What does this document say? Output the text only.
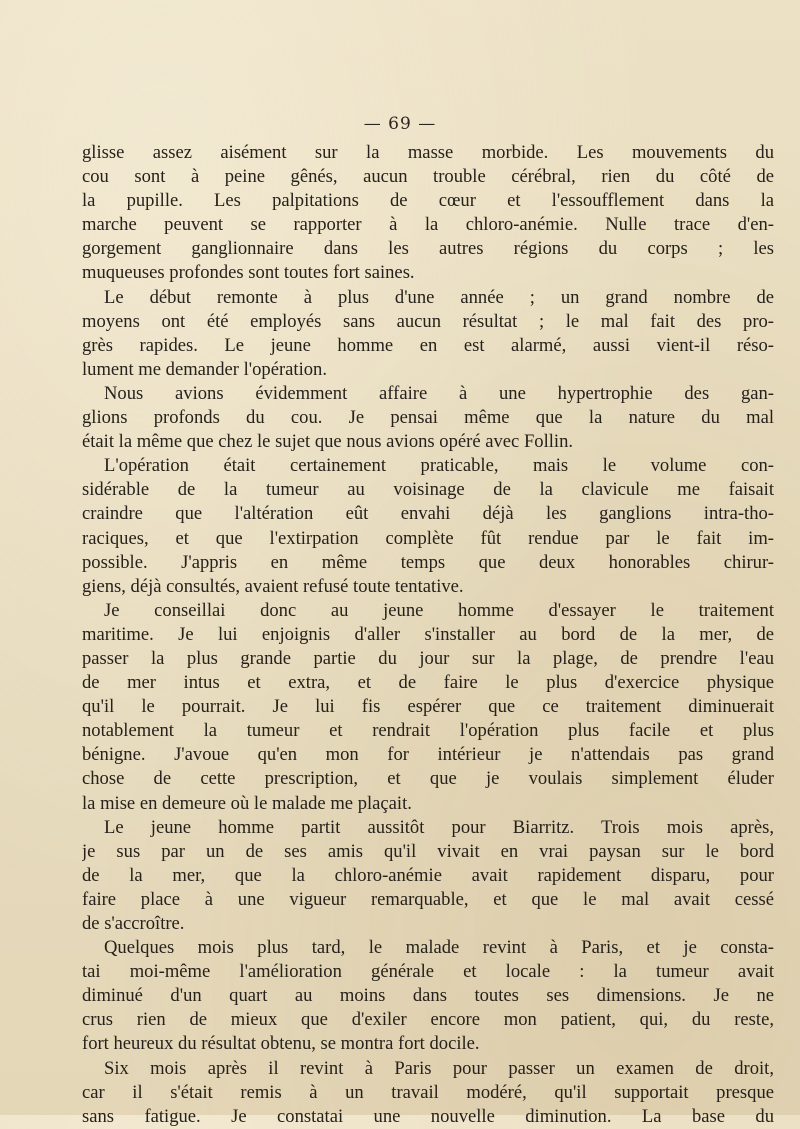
— 69 —
glisse assez aisément sur la masse morbide. Les mouvements du
cou sont à peine gênés, aucun trouble cérébral, rien du côté de
la pupille. Les palpitations de cœur et l'essoufflement dans la
marche peuvent se rapporter à la chloro-anémie. Nulle trace d'en-
gorgement ganglionnaire dans les autres régions du corps ; les
muqueuses profondes sont toutes fort saines.
Le début remonte à plus d'une année ; un grand nombre de
moyens ont été employés sans aucun résultat ; le mal fait des pro-
grès rapides. Le jeune homme en est alarmé, aussi vient-il réso-
lument me demander l'opération.
Nous avions évidemment affaire à une hypertrophie des gan-
glions profonds du cou. Je pensai même que la nature du mal
était la même que chez le sujet que nous avions opéré avec Follin.
L'opération était certainement praticable, mais le volume con-
sidérable de la tumeur au voisinage de la clavicule me faisait
craindre que l'altération eût envahi déjà les ganglions intra-tho-
raciques, et que l'extirpation complète fût rendue par le fait im-
possible. J'appris en même temps que deux honorables chirur-
giens, déjà consultés, avaient refusé toute tentative.
Je conseillai donc au jeune homme d'essayer le traitement
maritime. Je lui enjoignis d'aller s'installer au bord de la mer, de
passer la plus grande partie du jour sur la plage, de prendre l'eau
de mer intus et extra, et de faire le plus d'exercice physique
qu'il le pourrait. Je lui fis espérer que ce traitement diminuerait
notablement la tumeur et rendrait l'opération plus facile et plus
bénigne. J'avoue qu'en mon for intérieur je n'attendais pas grand
chose de cette prescription, et que je voulais simplement éluder
la mise en demeure où le malade me plaçait.
Le jeune homme partit aussitôt pour Biarritz. Trois mois après,
je sus par un de ses amis qu'il vivait en vrai paysan sur le bord
de la mer, que la chloro-anémie avait rapidement disparu, pour
faire place à une vigueur remarquable, et que le mal avait cessé
de s'accroître.
Quelques mois plus tard, le malade revint à Paris, et je consta-
tai moi-même l'amélioration générale et locale : la tumeur avait
diminué d'un quart au moins dans toutes ses dimensions. Je ne
crus rien de mieux que d'exiler encore mon patient, qui, du reste,
fort heureux du résultat obtenu, se montra fort docile.
Six mois après il revint à Paris pour passer un examen de droit,
car il s'était remis à un travail modéré, qu'il supportait presque
sans fatigue. Je constatai une nouvelle diminution. La base du
